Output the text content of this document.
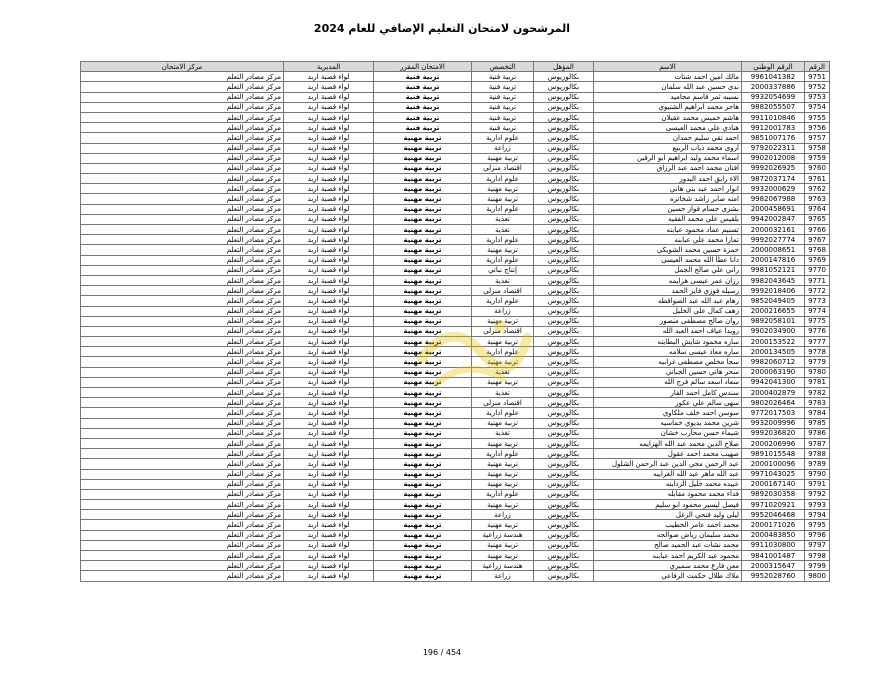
المرشحون لامتحان التعليم الإضافي للعام 2024
الرقم	الرقم الوطني	الاسم	المؤهل	التخصص	الامتحان المقرر	المديرية	مركز الامتحان
9751	9961041382	مالك امين احمد شتات	بكالوريوس	تربية فنية	تربية فنية	لواء قصبة اربد	مركز مصادر التعلم
9752	2000337886	ندى حسين عبد الله سلمان	بكالوريوس	تربية فنية	تربية فنية	لواء قصبة اربد	مركز مصادر التعلم
9753	9932054699	نسيبه ثمر قاسم محاميد	بكالوريوس	تربية فنية	تربية فنية	لواء قصبة اربد	مركز مصادر التعلم
9754	9882055507	هاجر محمد ابراهيم الشتيوي	بكالوريوس	تربية فنية	تربية فنية	لواء قصبة اربد	مركز مصادر التعلم
9755	9911010846	هاشم خميس محمد عقيلان	بكالوريوس	تربية فنية	تربية فنية	لواء قصبة اربد	مركز مصادر التعلم
9756	9912001783	هنادي علي محمد العيسى	بكالوريوس	تربية فنية	تربية فنية	لواء قصبة اربد	مركز مصادر التعلم
9757	9851007176	احمد تقي سليم حمدان	بكالوريوس	علوم ادارية	تربية مهنية	لواء قصبة اربد	مركز مصادر التعلم
9758	9792022311	اروى محمد ذياب الربيع	بكالوريوس	زراعة	تربية مهنية	لواء قصبة اربد	مركز مصادر التعلم
9759	9902012008	اسماء محمد وليد ابراهيم ابو الرقين	بكالوريوس	تربية مهنية	تربية مهنية	لواء قصبة اربد	مركز مصادر التعلم
9760	9992026925	افنان محمد احمد عبد الرزاق	بكالوريوس	اقتصاد منزلي	تربية مهنية	لواء قصبة اربد	مركز مصادر التعلم
9761	9872037174	الاء رابق احمد البدور	بكالوريوس	علوم ادارية	تربية مهنية	لواء قصبة اربد	مركز مصادر التعلم
9762	9932000629	انوار احمد عبد بني هاني	بكالوريوس	تربية مهنية	تربية مهنية	لواء قصبة اربد	مركز مصادر التعلم
9763	9982067988	امنه صابر راشد شخاتره	بكالوريوس	تربية مهنية	تربية مهنية	لواء قصبة اربد	مركز مصادر التعلم
9764	2000458691	بشرى حسام فواز حسين	بكالوريوس	علوم ادارية	تربية مهنية	لواء قصبة اربد	مركز مصادر التعلم
9765	9942002847	بلقيس علي محمد الفقيه	بكالوريوس	تغذية	تربية مهنية	لواء قصبة اربد	مركز مصادر التعلم
9766	2000032161	تسنيم عماد محمود عبابنه	بكالوريوس	تغذية	تربية مهنية	لواء قصبة اربد	مركز مصادر التعلم
9767	9992027774	تمارا محمد علي عبابنه	بكالوريوس	علوم ادارية	تربية مهنية	لواء قصبة اربد	مركز مصادر التعلم
9768	2000008651	حمزة حسين محمد الشويكي	بكالوريوس	تربية مهنية	تربية مهنية	لواء قصبة اربد	مركز مصادر التعلم
9769	2000147816	دانا عطا الله محمد العيسى	بكالوريوس	علوم ادارية	تربية مهنية	لواء قصبة اربد	مركز مصادر التعلم
9770	9981052121	راني علي صالح الجمل	بكالوريوس	إنتاج نباتي	تربية مهنية	لواء قصبة اربد	مركز مصادر التعلم
9771	9982043645	رزان عمر عيسى هزايمه	بكالوريوس	تغذية	تربية مهنية	لواء قصبة اربد	مركز مصادر التعلم
9772	9992018406	رسيله فوزي فايز الحمد	بكالوريوس	اقتصاد منزلي	تربية مهنية	لواء قصبة اربد	مركز مصادر التعلم
9773	9852049405	رهام عبد الله عبد الصواقطه	بكالوريوس	علوم ادارية	تربية مهنية	لواء قصبة اربد	مركز مصادر التعلم
9774	2000216655	زهف كمال علي الخليل	بكالوريوس	زراعة	تربية مهنية	لواء قصبة اربد	مركز مصادر التعلم
9775	9892058101	روان صالح مصطفى منصور	بكالوريوس	تربية مهنية	تربية مهنية	لواء قصبة اربد	مركز مصادر التعلم
9776	9902034900	رويدا عياف احمد العبد الله	بكالوريوس	اقتصاد منزلي	تربية مهنية	لواء قصبة اربد	مركز مصادر التعلم
9777	2000153522	ساره محمود شايش البطاينه	بكالوريوس	تربية مهنية	تربية مهنية	لواء قصبة اربد	مركز مصادر التعلم
9778	2000134505	ساره معاذ عيسى سلامه	بكالوريوس	علوم ادارية	تربية مهنية	لواء قصبة اربد	مركز مصادر التعلم
9779	9982060712	سجا مخلص مصطفى غرابيه	بكالوريوس	تربية مهنية	تربية مهنية	لواء قصبة اربد	مركز مصادر التعلم
9780	2000063190	سحر هاني حسين الجباني	بكالوريوس	تغذية	تربية مهنية	لواء قصبة اربد	مركز مصادر التعلم
9781	9942041300	سعاد اسعد سالم فرج الله	بكالوريوس	تربية مهنية	تربية مهنية	لواء قصبة اربد	مركز مصادر التعلم
9782	2000402879	سندس كامل احمد القار	بكالوريوس	تغذية	تربية مهنية	لواء قصبة اربد	مركز مصادر التعلم
9783	9802026464	سهى سالم علي عكور	بكالوريوس	اقتصاد منزلي	تربية مهنية	لواء قصبة اربد	مركز مصادر التعلم
9784	9772017503	سوسن احمد خلف ملكاوي	بكالوريوس	علوم ادارية	تربية مهنية	لواء قصبة اربد	مركز مصادر التعلم
9785	9932009996	شرين محمد بديوي خماسيه	بكالوريوس	تربية مهنية	تربية مهنية	لواء قصبة اربد	مركز مصادر التعلم
9786	9992036820	شيماء حسن محارب خشان	بكالوريوس	تغذية	تربية مهنية	لواء قصبة اربد	مركز مصادر التعلم
9787	2000206996	صلاح الدين محمد عبد الله الهزايمه	بكالوريوس	تربية مهنية	تربية مهنية	لواء قصبة اربد	مركز مصادر التعلم
9788	9891015548	صهيب محمد احمد عقول	بكالوريوس	علوم ادارية	تربية مهنية	لواء قصبة اربد	مركز مصادر التعلم
9789	2000100096	عبد الرحمن محي الدين عبد الرحمن الشلول	بكالوريوس	تربية مهنية	تربية مهنية	لواء قصبة اربد	مركز مصادر التعلم
9790	9971043025	عبد الله ماهر عبد الله الغرايبه	بكالوريوس	تربية مهنية	تربية مهنية	لواء قصبة اربد	مركز مصادر التعلم
9791	2000167140	عبيده محمد خليل الرداينه	بكالوريوس	تربية مهنية	تربية مهنية	لواء قصبة اربد	مركز مصادر التعلم
9792	9892030358	فداء محمد محمود مقابله	بكالوريوس	علوم ادارية	تربية مهنية	لواء قصبة اربد	مركز مصادر التعلم
9793	9971020921	فيصل ليسير محمود ابو سليم	بكالوريوس	تربية مهنية	تربية مهنية	لواء قصبة اربد	مركز مصادر التعلم
9794	9952046468	ليلى وليد فتحي الزغل	بكالوريوس	زراعة	تربية مهنية	لواء قصبة اربد	مركز مصادر التعلم
9795	2000171026	محمد احمد عامر الخطيب	بكالوريوس	تربية مهنية	تربية مهنية	لواء قصبة اربد	مركز مصادر التعلم
9796	2000483850	محمد سليمان رياض صوالحه	بكالوريوس	هندسة زراعية	تربية مهنية	لواء قصبة اربد	مركز مصادر التعلم
9797	9911030800	محمد نشات عبد الحميد صالح	بكالوريوس	تربية مهنية	تربية مهنية	لواء قصبة اربد	مركز مصادر التعلم
9798	9841001487	محمود عبد الكريم احمد عبابنه	بكالوريوس	تربية مهنية	تربية مهنية	لواء قصبة اربد	مركز مصادر التعلم
9799	2000315647	معن فارع محمد سميري	بكالوريوس	هندسة زراعية	تربية مهنية	لواء قصبة اربد	مركز مصادر التعلم
9800	9952028760	ملاك طلال حكمت الرفاعي	بكالوريوس	زراعة	تربية مهنية	لواء قصبة اربد	مركز مصادر التعلم
196 / 454
